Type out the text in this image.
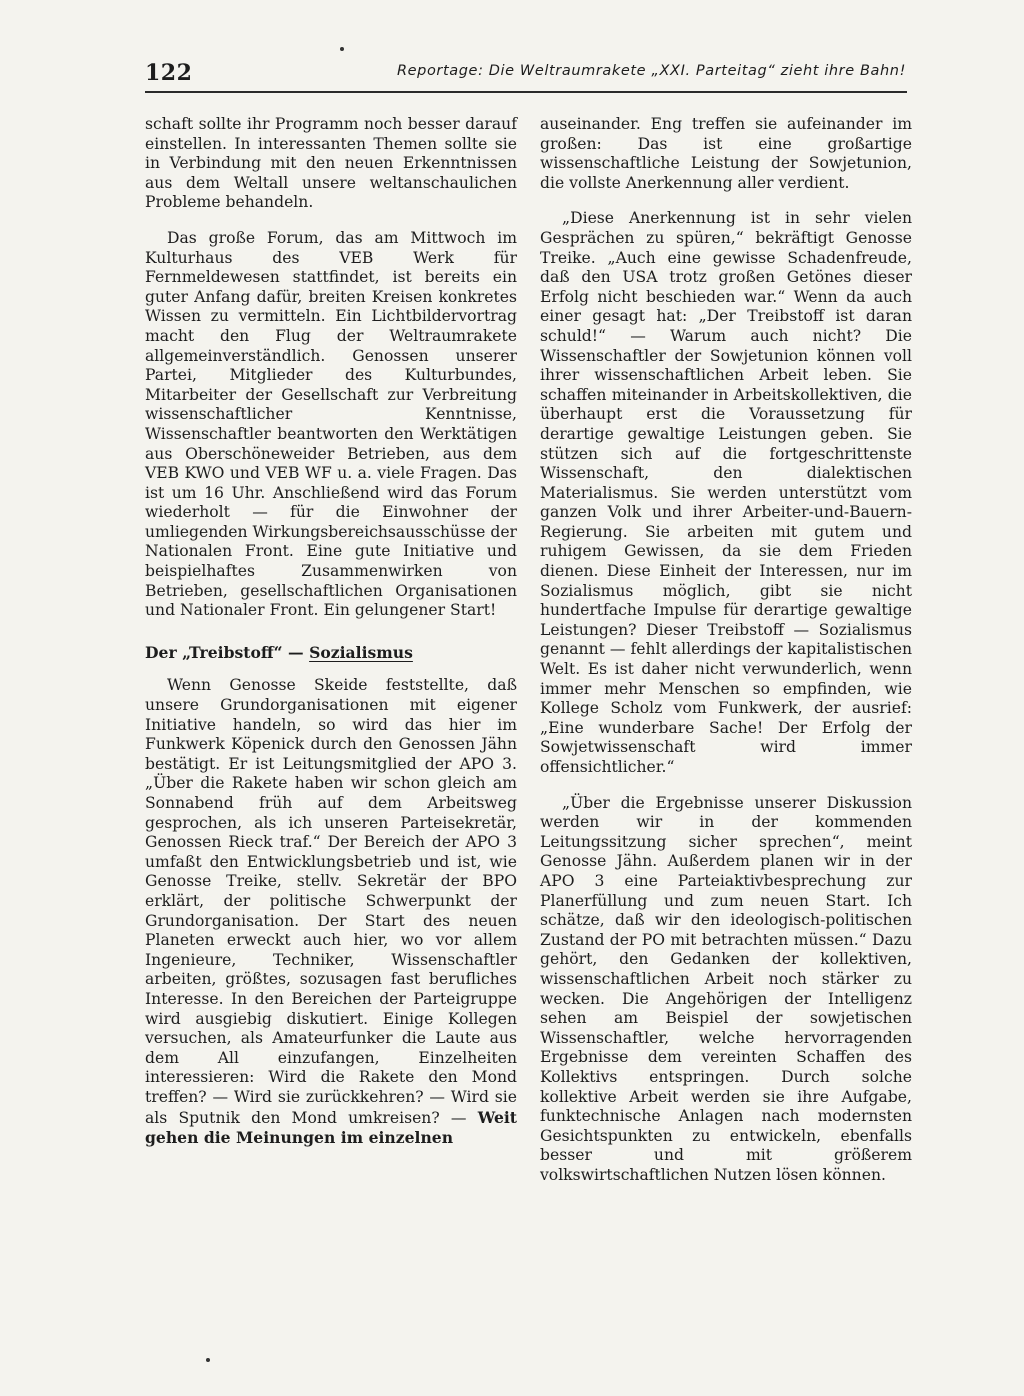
122	Reportage: Die Weltraumrakete „XXI. Parteitag“ zieht ihre Bahn!

schaft sollte ihr Programm noch besser darauf einstellen. In interessanten Themen sollte sie in Verbindung mit den neuen Erkenntnissen aus dem Weltall unsere weltanschaulichen Probleme behandeln.

Das große Forum, das am Mittwoch im Kulturhaus des VEB Werk für Fernmeldewesen stattfindet, ist bereits ein guter Anfang dafür, breiten Kreisen konkretes Wissen zu vermitteln. Ein Lichtbildervortrag macht den Flug der Weltraumrakete allgemeinverständlich. Genossen unserer Partei, Mitglieder des Kulturbundes, Mitarbeiter der Gesellschaft zur Verbreitung wissenschaftlicher Kenntnisse, Wissenschaftler beantworten den Werktätigen aus Oberschöneweider Betrieben, aus dem VEB KWO und VEB WF u. a. viele Fragen. Das ist um 16 Uhr. Anschließend wird das Forum wiederholt — für die Einwohner der umliegenden Wirkungsbereichsausschüsse der Nationalen Front. Eine gute Initiative und beispielhaftes Zusammenwirken von Betrieben, gesellschaftlichen Organisationen und Nationaler Front. Ein gelungener Start!

Der „Treibstoff“ — Sozialismus

Wenn Genosse Skeide feststellte, daß unsere Grundorganisationen mit eigener Initiative handeln, so wird das hier im Funkwerk Köpenick durch den Genossen Jähn bestätigt. Er ist Leitungsmitglied der APO 3. „Über die Rakete haben wir schon gleich am Sonnabend früh auf dem Arbeitsweg gesprochen, als ich unseren Parteisekretär, Genossen Rieck traf.“ Der Bereich der APO 3 umfaßt den Entwicklungsbetrieb und ist, wie Genosse Treike, stellv. Sekretär der BPO erklärt, der politische Schwerpunkt der Grundorganisation. Der Start des neuen Planeten erweckt auch hier, wo vor allem Ingenieure, Techniker, Wissenschaftler arbeiten, größtes, sozusagen fast berufliches Interesse. In den Bereichen der Parteigruppe wird ausgiebig diskutiert. Einige Kollegen versuchen, als Amateurfunker die Laute aus dem All einzufangen, Einzelheiten interessieren: Wird die Rakete den Mond treffen? — Wird sie zurückkehren? — Wird sie als Sputnik den Mond umkreisen? — Weit gehen die Meinungen im einzelnen

auseinander. Eng treffen sie aufeinander im großen: Das ist eine großartige wissenschaftliche Leistung der Sowjetunion, die vollste Anerkennung aller verdient.

„Diese Anerkennung ist in sehr vielen Gesprächen zu spüren,“ bekräftigt Genosse Treike. „Auch eine gewisse Schadenfreude, daß den USA trotz großen Getönes dieser Erfolg nicht beschieden war.“ Wenn da auch einer gesagt hat: „Der Treibstoff ist daran schuld!“ — Warum auch nicht? Die Wissenschaftler der Sowjetunion können voll ihrer wissenschaftlichen Arbeit leben. Sie schaffen miteinander in Arbeitskollektiven, die überhaupt erst die Voraussetzung für derartige gewaltige Leistungen geben. Sie stützen sich auf die fortgeschrittenste Wissenschaft, den dialektischen Materialismus. Sie werden unterstützt vom ganzen Volk und ihrer Arbeiter-und-Bauern-Regierung. Sie arbeiten mit gutem und ruhigem Gewissen, da sie dem Frieden dienen. Diese Einheit der Interessen, nur im Sozialismus möglich, gibt sie nicht hundertfache Impulse für derartige gewaltige Leistungen? Dieser Treibstoff — Sozialismus genannt — fehlt allerdings der kapitalistischen Welt. Es ist daher nicht verwunderlich, wenn immer mehr Menschen so empfinden, wie Kollege Scholz vom Funkwerk, der ausrief: „Eine wunderbare Sache! Der Erfolg der Sowjetwissenschaft wird immer offensichtlicher.“

„Über die Ergebnisse unserer Diskussion werden wir in der kommenden Leitungssitzung sicher sprechen“, meint Genosse Jähn. Außerdem planen wir in der APO 3 eine Parteiaktivbesprechung zur Planerfüllung und zum neuen Start. Ich schätze, daß wir den ideologisch-politischen Zustand der PO mit betrachten müssen.“ Dazu gehört, den Gedanken der kollektiven, wissenschaftlichen Arbeit noch stärker zu wecken. Die Angehörigen der Intelligenz sehen am Beispiel der sowjetischen Wissenschaftler, welche hervorragenden Ergebnisse dem vereinten Schaffen des Kollektivs entspringen. Durch solche kollektive Arbeit werden sie ihre Aufgabe, funktechnische Anlagen nach modernsten Gesichtspunkten zu entwickeln, ebenfalls besser und mit größerem volkswirtschaftlichen Nutzen lösen können.
